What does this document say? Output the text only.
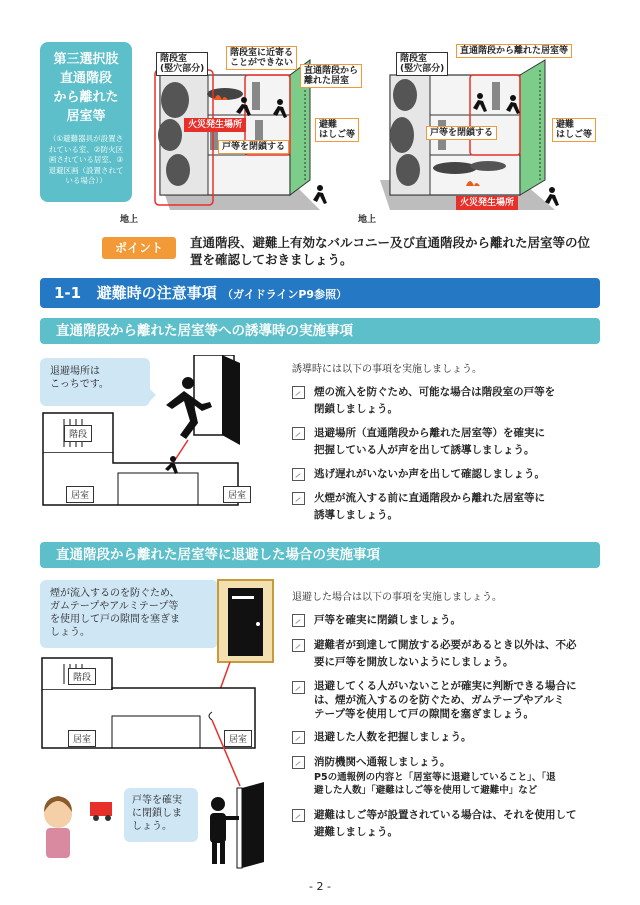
第三選択肢
直通階段
から離れた
居室等
（①避難器具が設置されている室、②防火区画されている居室、③退避区画（設置されている場合））
階段室
(竪穴部分)
階段室に近寄る
ことができない
直通階段から
離れた居室
火災発生場所
戸等を閉鎖する
避難
はしご等
地上
階段室
(竪穴部分)
直通階段から離れた居室等
戸等を閉鎖する
避難
はしご等
火災発生場所
地上
ポイント	直通階段、避難上有効なバルコニー及び直通階段から離れた居室等の位
置を確認しておきましょう。
1-1 避難時の注意事項 （ガイドラインP9参照）
直通階段から離れた居室等への誘導時の実施事項
退避場所は
こっちです。
階段
居室	居室
誘導時には以下の事項を実施しましょう。
煙の流入を防ぐため、可能な場合は階段室の戸等を
閉鎖しましょう。
退避場所（直通階段から離れた居室等）を確実に
把握している人が声を出して誘導しましょう。
逃げ遅れがいないか声を出して確認しましょう。
火煙が流入する前に直通階段から離れた居室等に
誘導しましょう。
直通階段から離れた居室等に退避した場合の実施事項
煙が流入するのを防ぐため、
ガムテープやアルミテープ等
を使用して戸の隙間を塞ぎま
しょう。
階段
居室	居室
戸等を確実
に閉鎖しま
しょう。
退避した場合は以下の事項を実施しましょう。
戸等を確実に閉鎖しましょう。
避難者が到達して開放する必要があるとき以外は、不必
要に戸等を開放しないようにしましょう。
退避してくる人がいないことが確実に判断できる場合に
は、煙が流入するのを防ぐため、ガムテープやアルミ
テープ等を使用して戸の隙間を塞ぎましょう。
退避した人数を把握しましょう。
消防機関へ通報しましょう。
P5の通報例の内容と「居室等に退避していること」、「退
避した人数」「避難はしご等を使用して避難中」など
避難はしご等が設置されている場合は、それを使用して
避難しましょう。
- 2 -
